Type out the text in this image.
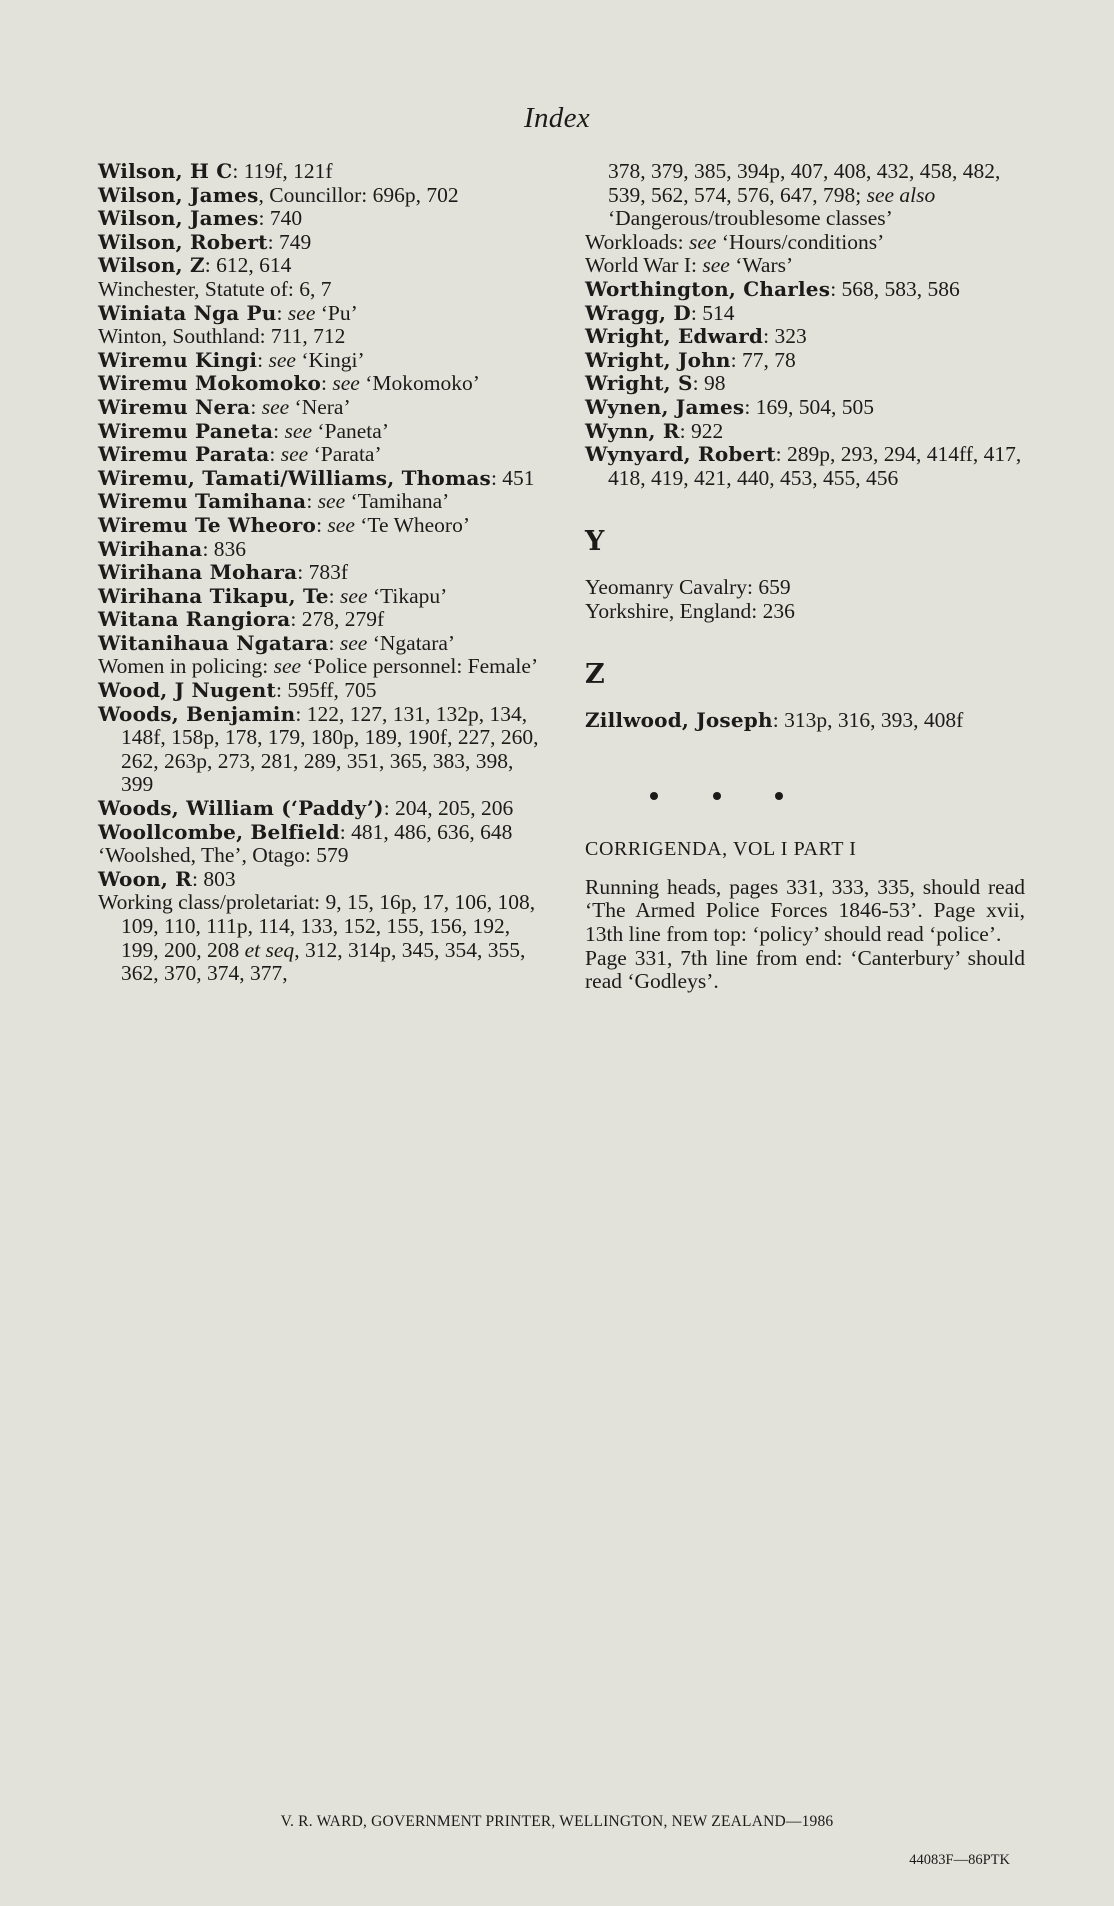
Index
Wilson, H C: 119f, 121f
Wilson, James, Councillor: 696p, 702
Wilson, James: 740
Wilson, Robert: 749
Wilson, Z: 612, 614
Winchester, Statute of: 6, 7
Winiata Nga Pu: see ‘Pu’
Winton, Southland: 711, 712
Wiremu Kingi: see ‘Kingi’
Wiremu Mokomoko: see ‘Mokomoko’
Wiremu Nera: see ‘Nera’
Wiremu Paneta: see ‘Paneta’
Wiremu Parata: see ‘Parata’
Wiremu, Tamati/Williams, Thomas: 451
Wiremu Tamihana: see ‘Tamihana’
Wiremu Te Wheoro: see ‘Te Wheoro’
Wirihana: 836
Wirihana Mohara: 783f
Wirihana Tikapu, Te: see ‘Tikapu’
Witana Rangiora: 278, 279f
Witanihaua Ngatara: see ‘Ngatara’
Women in policing: see ‘Police personnel: Female’
Wood, J Nugent: 595ff, 705
Woods, Benjamin: 122, 127, 131, 132p, 134, 148f, 158p, 178, 179, 180p, 189, 190f, 227, 260, 262, 263p, 273, 281, 289, 351, 365, 383, 398, 399
Woods, William (‘Paddy’): 204, 205, 206
Woollcombe, Belfield: 481, 486, 636, 648
‘Woolshed, The’, Otago: 579
Woon, R: 803
Working class/proletariat: 9, 15, 16p, 17, 106, 108, 109, 110, 111p, 114, 133, 152, 155, 156, 192, 199, 200, 208 et seq, 312, 314p, 345, 354, 355, 362, 370, 374, 377,
378, 379, 385, 394p, 407, 408, 432, 458, 482, 539, 562, 574, 576, 647, 798; see also ‘Dangerous/troublesome classes’
Workloads: see ‘Hours/conditions’
World War I: see ‘Wars’
Worthington, Charles: 568, 583, 586
Wragg, D: 514
Wright, Edward: 323
Wright, John: 77, 78
Wright, S: 98
Wynen, James: 169, 504, 505
Wynn, R: 922
Wynyard, Robert: 289p, 293, 294, 414ff, 417, 418, 419, 421, 440, 453, 455, 456
Y
Yeomanry Cavalry: 659
Yorkshire, England: 236
Z
Zillwood, Joseph: 313p, 316, 393, 408f
CORRIGENDA, VOL I PART I
Running heads, pages 331, 333, 335, should read ‘The Armed Police Forces 1846-53’. Page xvii, 13th line from top: ‘policy’ should read ‘police’.
Page 331, 7th line from end: ‘Canterbury’ should read ‘Godleys’.
V. R. WARD, GOVERNMENT PRINTER, WELLINGTON, NEW ZEALAND—1986
44083F—86PTK
